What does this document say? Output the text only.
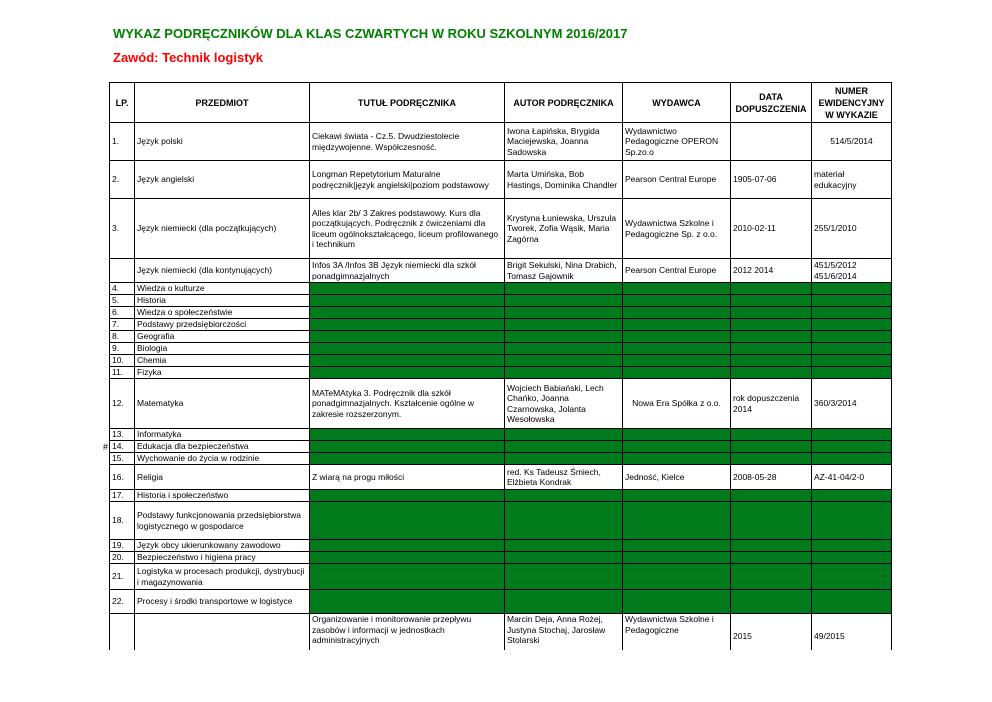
WYKAZ PODRĘCZNIKÓW DLA KLAS CZWARTYCH W ROKU SZKOLNYM 2016/2017
Zawód: Technik logistyk
#
LP.	PRZEDMIOT	TUTUŁ PODRĘCZNIKA	AUTOR PODRĘCZNIKA	WYDAWCA	DATA DOPUSZCZENIA	NUMER EWIDENCYJNY W WYKAZIE
1.	Język polski	Ciekawi świata - Cz.5. Dwudziestolecie międzywojenne. Współczesność.	Iwona Łapińska, Brygida Maciejewska, Joanna Sadowska	Wydawnictwo Pedagogiczne OPERON Sp.zo.o		514/5/2014
2.	Język angielski	Longman Repetytorium Maturalne podręcznik|język angielski|poziom podstawowy	Marta Umińska, Bob Hastings, Dominika Chandler	Pearson Central Europe	1905-07-06	materiał edukacyjny
3.	Język niemiecki (dla początkujących)	Alles klar 2b/ 3 Zakres podstawowy. Kurs dla początkujących. Podręcznik z ćwiczeniami dla liceum ogólnokształcącego, liceum profilowanego i technikum	Krystyna Łuniewska, Urszula Tworek, Zofia Wąsik, Maria Zagórna	Wydawnictwa Szkolne i Pedagogiczne Sp. z o.o.	2010-02-11	255/1/2010
	Język niemiecki (dla kontynujących)	Infos 3A /Infos 3B Język niemiecki dla szkół ponadgimnazjalnych	Brigit Sekulski, Nina Drabich, Tomasz Gajownik	Pearson Central Europe	2012 2014	451/5/2012 451/6/2014
4.	Wiedza o kulturze					
5.	Historia					
6.	Wiedza o społeczeństwie					
7.	Podstawy przedsiębiorczości					
8.	Geografia					
9.	Biologia					
10.	Chemia					
11.	Fizyka					
12.	Matematyka	MATeMAtyka 3. Podręcznik dla szkół ponadgimnazjalnych. Kształcenie ogólne w zakresie rozszerzonym.	Wojciech Babiański, Lech Chańko, Joanna Czarnowska, Jolanta Wesołowska	Nowa Era Spółka z o.o.	rok dopuszczenia 2014	360/3/2014
13.	Informatyka					
14.	Edukacja dla bezpieczeństwa					
15.	Wychowanie do życia w rodzinie					
16.	Religia	Z wiarą na progu miłości	red. Ks Tadeusz Śmiech, Elżbieta Kondrak	Jedność, Kielce	2008-05-28	AZ-41-04/2-0
17.	Historia i społeczeństwo					
18.	Podstawy funkcjonowania przedsiębiorstwa logistycznego w gospodarce					
19.	Język obcy ukierunkowany zawodowo					
20.	Bezpieczeństwo i higiena pracy					
21.	Logistyka w procesach produkcji, dystrybucji i magazynowania					
22.	Procesy i środki transportowe w logistyce					
		Organizowanie i monitorowanie przepływu zasobów i informacji w jednostkach administracyjnych	Marcin Deja, Anna Rożej, Justyna Stochaj, Jarosław Stolarski	Wydawnictwa Szkolne i Pedagogiczne	2015	49/2015
